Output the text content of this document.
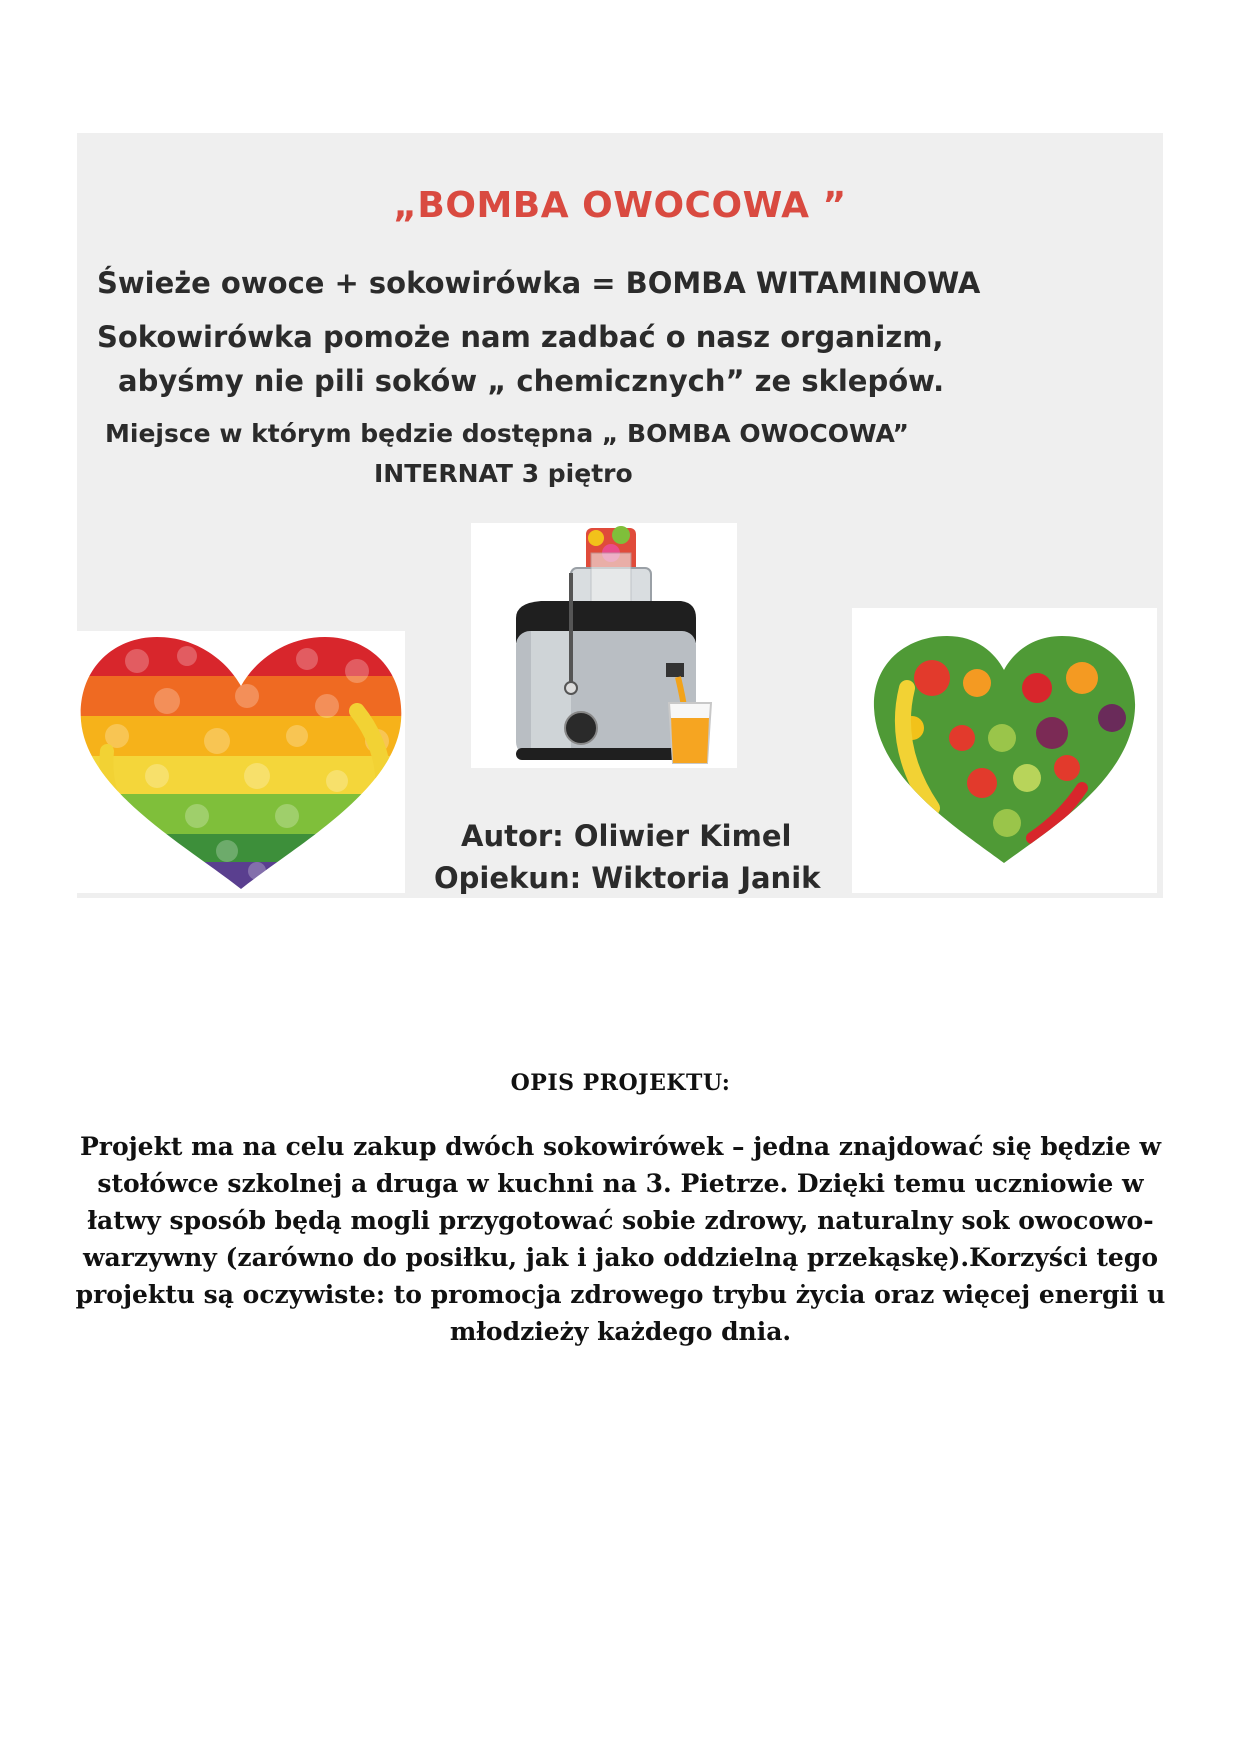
„BOMBA OWOCOWA ”
Świeże owoce + sokowirówka = BOMBA WITAMINOWA
Sokowirówka pomoże nam zadbać o nasz organizm,
abyśmy nie pili soków „ chemicznych” ze sklepów.
Miejsce w którym będzie dostępna „ BOMBA OWOCOWA”
INTERNAT 3 piętro
Autor: Oliwier Kimel
Opiekun: Wiktoria Janik
OPIS PROJEKTU:
Projekt ma na celu zakup dwóch sokowirówek – jedna znajdować się będzie w stołówce szkolnej a druga w kuchni na 3. Pietrze. Dzięki temu uczniowie w łatwy sposób będą mogli przygotować sobie zdrowy, naturalny sok owocowo-warzywny (zarówno do posiłku, jak i jako oddzielną przekąskę).Korzyści tego projektu są oczywiste: to promocja zdrowego trybu życia oraz więcej energii u młodzieży każdego dnia.
